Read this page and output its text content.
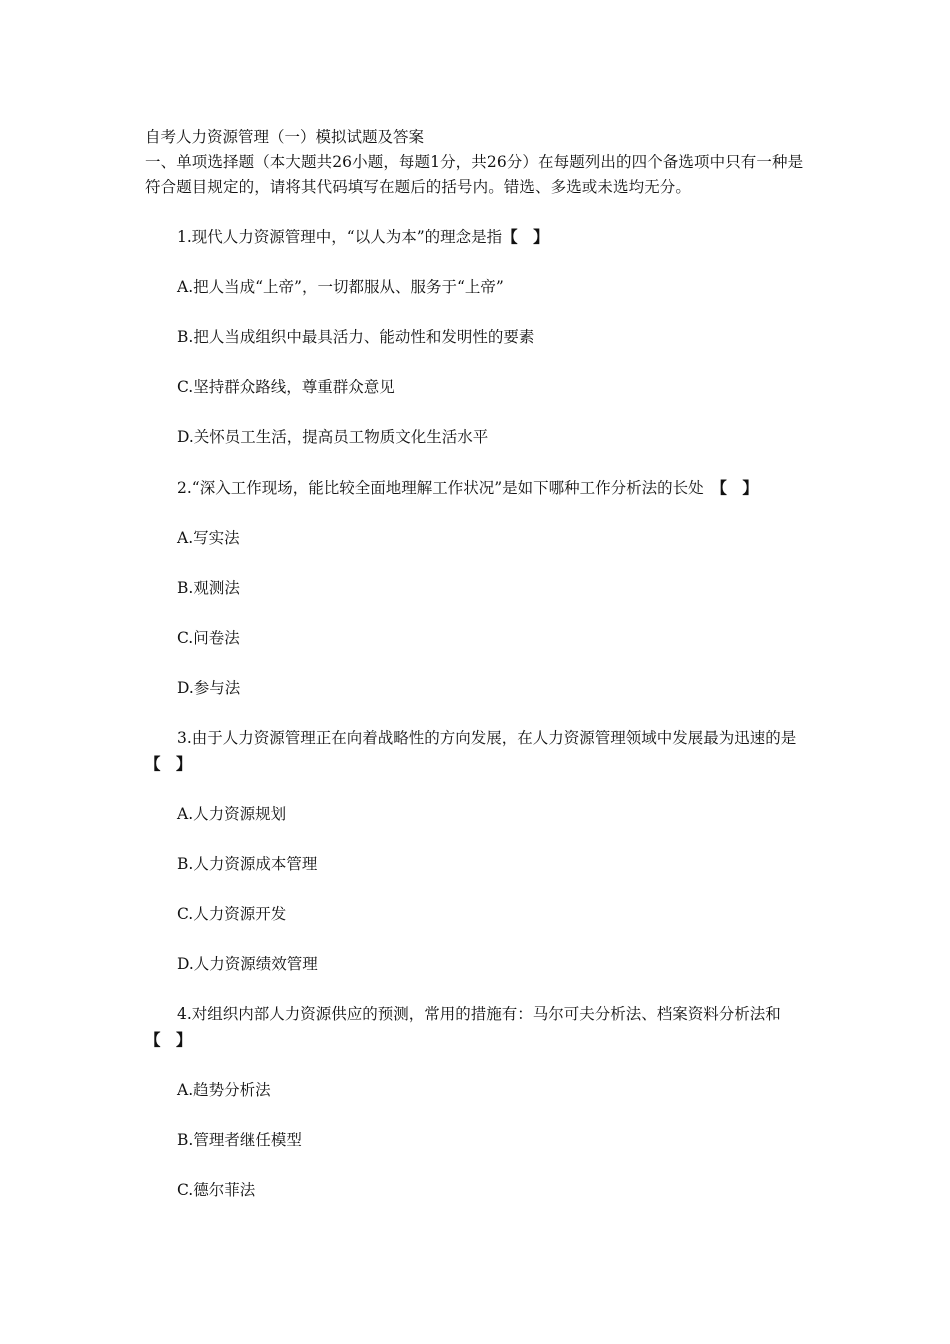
自考人力资源管理（一）模拟试题及答案

一、单项选择题（本大题共26小题，每题1分，共26分）在每题列出的四个备选项中只有一种是符合题目规定的，请将其代码填写在题后的括号内。错选、多选或未选均无分。

1.现代人力资源管理中，“以人为本”的理念是指【　】

A.把人当成“上帝”，一切都服从、服务于“上帝”

B.把人当成组织中最具活力、能动性和发明性的要素

C.坚持群众路线，尊重群众意见

D.关怀员工生活，提高员工物质文化生活水平

2.“深入工作现场，能比较全面地理解工作状况”是如下哪种工作分析法的长处　【　】

A.写实法

B.观测法

C.问卷法

D.参与法

3.由于人力资源管理正在向着战略性的方向发展，在人力资源管理领域中发展最为迅速的是　【　】

A.人力资源规划

B.人力资源成本管理

C.人力资源开发

D.人力资源绩效管理

4.对组织内部人力资源供应的预测，常用的措施有：马尔可夫分析法、档案资料分析法和　【　】

A.趋势分析法

B.管理者继任模型

C.德尔菲法
